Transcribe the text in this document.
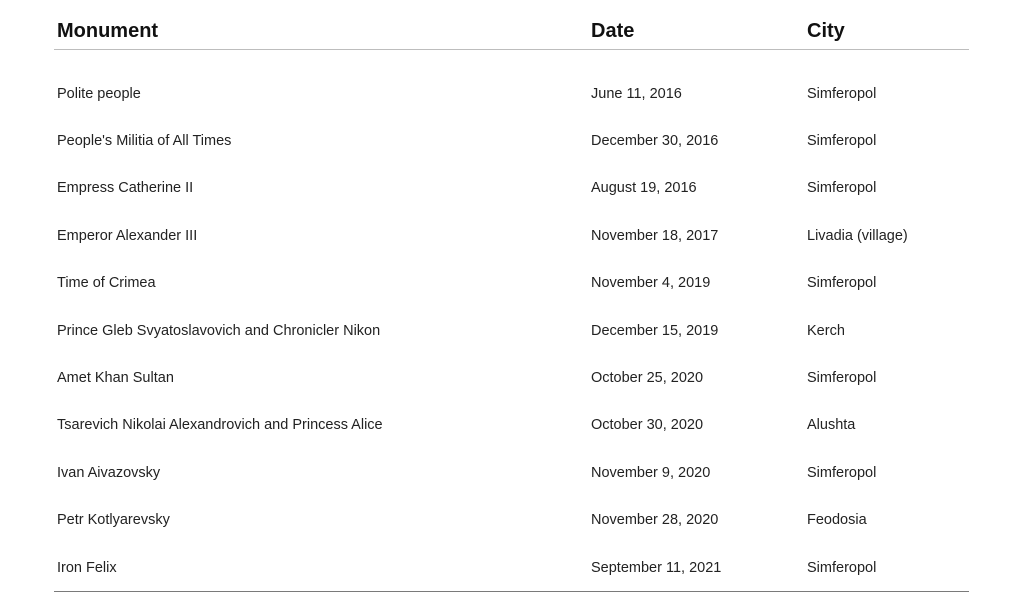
Monument	Date	City
Polite people	June 11, 2016	Simferopol
People's Militia of All Times	December 30, 2016	Simferopol
Empress Catherine II	August 19, 2016	Simferopol
Emperor Alexander III	November 18, 2017	Livadia (village)
Time of Crimea	November 4, 2019	Simferopol
Prince Gleb Svyatoslavovich and Chronicler Nikon	December 15, 2019	Kerch
Amet Khan Sultan	October 25, 2020	Simferopol
Tsarevich Nikolai Alexandrovich and Princess Alice	October 30, 2020	Alushta
Ivan Aivazovsky	November 9, 2020	Simferopol
Petr Kotlyarevsky	November 28, 2020	Feodosia
Iron Felix	September 11, 2021	Simferopol
